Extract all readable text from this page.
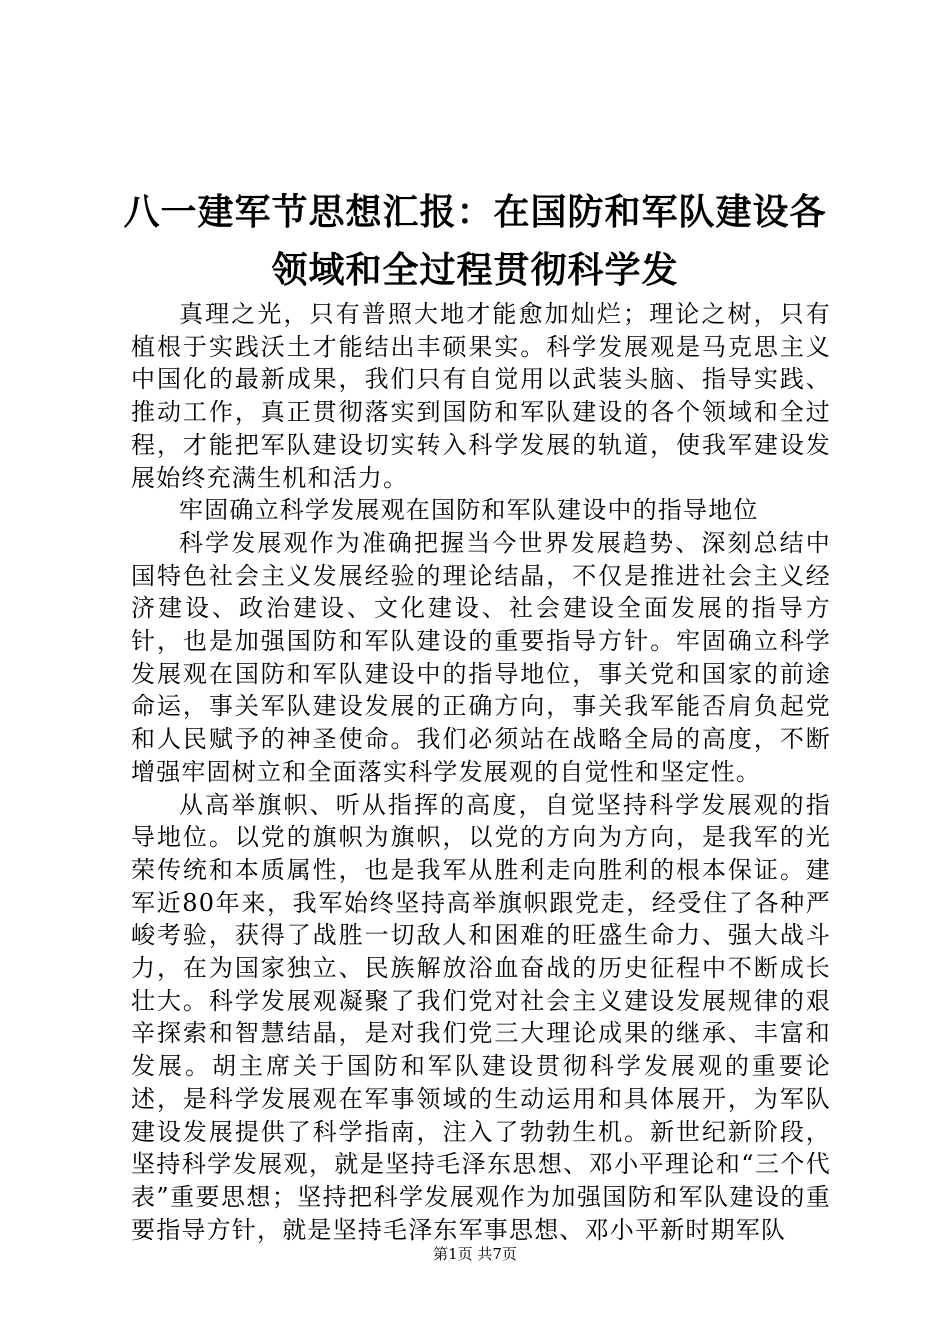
八一建军节思想汇报：在国防和军队建设各领域和全过程贯彻科学发

真理之光，只有普照大地才能愈加灿烂；理论之树，只有植根于实践沃土才能结出丰硕果实。科学发展观是马克思主义中国化的最新成果，我们只有自觉用以武装头脑、指导实践、推动工作，真正贯彻落实到国防和军队建设的各个领域和全过程，才能把军队建设切实转入科学发展的轨道，使我军建设发展始终充满生机和活力。

牢固确立科学发展观在国防和军队建设中的指导地位

科学发展观作为准确把握当今世界发展趋势、深刻总结中国特色社会主义发展经验的理论结晶，不仅是推进社会主义经济建设、政治建设、文化建设、社会建设全面发展的指导方针，也是加强国防和军队建设的重要指导方针。牢固确立科学发展观在国防和军队建设中的指导地位，事关党和国家的前途命运，事关军队建设发展的正确方向，事关我军能否肩负起党和人民赋予的神圣使命。我们必须站在战略全局的高度，不断增强牢固树立和全面落实科学发展观的自觉性和坚定性。

从高举旗帜、听从指挥的高度，自觉坚持科学发展观的指导地位。以党的旗帜为旗帜，以党的方向为方向，是我军的光荣传统和本质属性，也是我军从胜利走向胜利的根本保证。建军近80年来，我军始终坚持高举旗帜跟党走，经受住了各种严峻考验，获得了战胜一切敌人和困难的旺盛生命力、强大战斗力，在为国家独立、民族解放浴血奋战的历史征程中不断成长壮大。科学发展观凝聚了我们党对社会主义建设发展规律的艰辛探索和智慧结晶，是对我们党三大理论成果的继承、丰富和发展。胡主席关于国防和军队建设贯彻科学发展观的重要论述，是科学发展观在军事领域的生动运用和具体展开，为军队建设发展提供了科学指南，注入了勃勃生机。新世纪新阶段，坚持科学发展观，就是坚持毛泽东思想、邓小平理论和“三个代表”重要思想；坚持把科学发展观作为加强国防和军队建设的重要指导方针，就是坚持毛泽东军事思想、邓小平新时期军队

第1页 共7页
